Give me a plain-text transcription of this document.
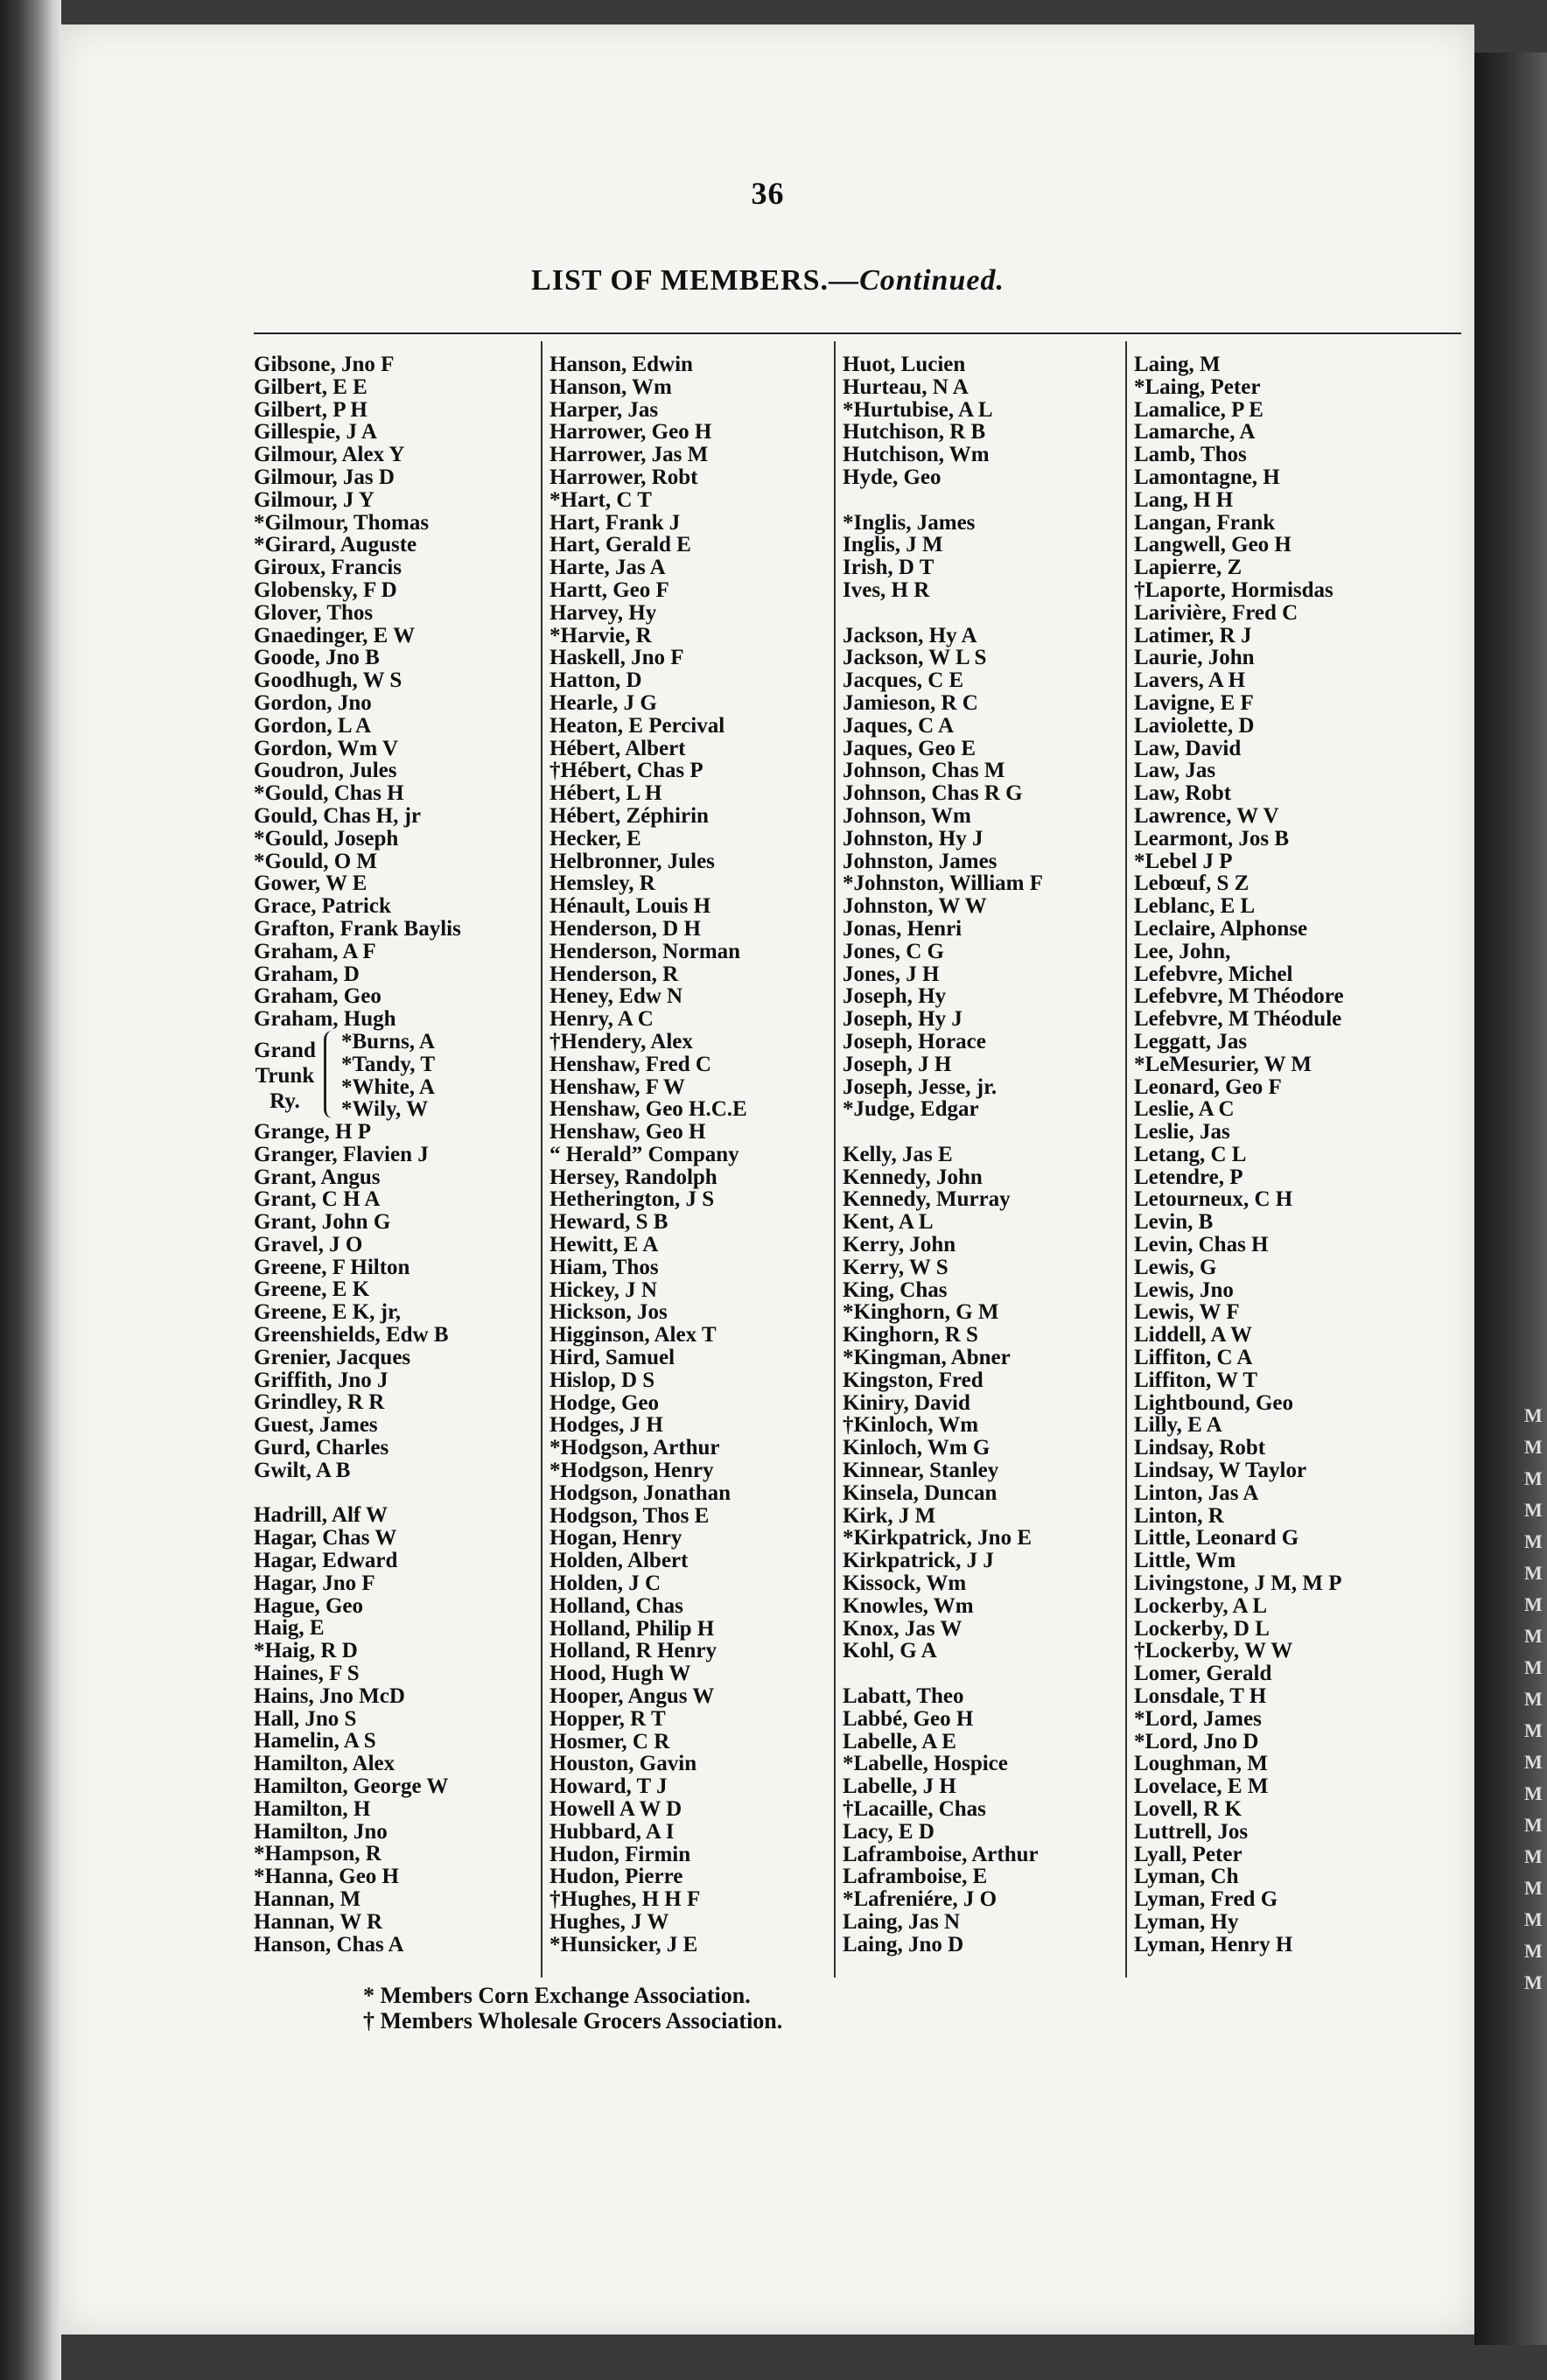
M
M
M
M
M
M
M
M
M
M
M
M
M
M
M
M
M
M
M
36
LIST OF MEMBERS.—Continued.
Gibsone, Jno F
Gilbert, E E
Gilbert, P H
Gillespie, J A
Gilmour, Alex Y
Gilmour, Jas D
Gilmour, J Y
*Gilmour, Thomas
*Girard, Auguste
Giroux, Francis
Globensky, F D
Glover, Thos
Gnaedinger, E W
Goode, Jno B
Goodhugh, W S
Gordon, Jno
Gordon, L A
Gordon, Wm V
Goudron, Jules
*Gould, Chas H
Gould, Chas H, jr
*Gould, Joseph
*Gould, O M
Gower, W E
Grace, Patrick
Grafton, Frank Baylis
Graham, A F
Graham, D
Graham, Geo
Graham, Hugh
Grand
Trunk
Ry.
*Burns, A
*Tandy, T
*White, A
*Wily, W
Grange, H P
Granger, Flavien J
Grant, Angus
Grant, C H A
Grant, John G
Gravel, J O
Greene, F Hilton
Greene, E K
Greene, E K, jr,
Greenshields, Edw B
Grenier, Jacques
Griffith, Jno J
Grindley, R R
Guest, James
Gurd, Charles
Gwilt, A B
Hadrill, Alf W
Hagar, Chas W
Hagar, Edward
Hagar, Jno F
Hague, Geo
Haig, E
*Haig, R D
Haines, F S
Hains, Jno McD
Hall, Jno S
Hamelin, A S
Hamilton, Alex
Hamilton, George W
Hamilton, H
Hamilton, Jno
*Hampson, R
*Hanna, Geo H
Hannan, M
Hannan, W R
Hanson, Chas A
Hanson, Edwin
Hanson, Wm
Harper, Jas
Harrower, Geo H
Harrower, Jas M
Harrower, Robt
*Hart, C T
Hart, Frank J
Hart, Gerald E
Harte, Jas A
Hartt, Geo F
Harvey, Hy
*Harvie, R
Haskell, Jno F
Hatton, D
Hearle, J G
Heaton, E Percival
Hébert, Albert
†Hébert, Chas P
Hébert, L H
Hébert, Zéphirin
Hecker, E
Helbronner, Jules
Hemsley, R
Hénault, Louis H
Henderson, D H
Henderson, Norman
Henderson, R
Heney, Edw N
Henry, A C
†Hendery, Alex
Henshaw, Fred C
Henshaw, F W
Henshaw, Geo H.C.E
Henshaw, Geo H
“ Herald” Company
Hersey, Randolph
Hetherington, J S
Heward, S B
Hewitt, E A
Hiam, Thos
Hickey, J N
Hickson, Jos
Higginson, Alex T
Hird, Samuel
Hislop, D S
Hodge, Geo
Hodges, J H
*Hodgson, Arthur
*Hodgson, Henry
Hodgson, Jonathan
Hodgson, Thos E
Hogan, Henry
Holden, Albert
Holden, J C
Holland, Chas
Holland, Philip H
Holland, R Henry
Hood, Hugh W
Hooper, Angus W
Hopper, R T
Hosmer, C R
Houston, Gavin
Howard, T J
Howell A W D
Hubbard, A I
Hudon, Firmin
Hudon, Pierre
†Hughes, H H F
Hughes, J W
*Hunsicker, J E
Huot, Lucien
Hurteau, N A
*Hurtubise, A L
Hutchison, R B
Hutchison, Wm
Hyde, Geo
*Inglis, James
Inglis, J M
Irish, D T
Ives, H R
Jackson, Hy A
Jackson, W L S
Jacques, C E
Jamieson, R C
Jaques, C A
Jaques, Geo E
Johnson, Chas M
Johnson, Chas R G
Johnson, Wm
Johnston, Hy J
Johnston, James
*Johnston, William F
Johnston, W W
Jonas, Henri
Jones, C G
Jones, J H
Joseph, Hy
Joseph, Hy J
Joseph, Horace
Joseph, J H
Joseph, Jesse, jr.
*Judge, Edgar
Kelly, Jas E
Kennedy, John
Kennedy, Murray
Kent, A L
Kerry, John
Kerry, W S
King, Chas
*Kinghorn, G M
Kinghorn, R S
*Kingman, Abner
Kingston, Fred
Kiniry, David
†Kinloch, Wm
Kinloch, Wm G
Kinnear, Stanley
Kinsela, Duncan
Kirk, J M
*Kirkpatrick, Jno E
Kirkpatrick, J J
Kissock, Wm
Knowles, Wm
Knox, Jas W
Kohl, G A
Labatt, Theo
Labbé, Geo H
Labelle, A E
*Labelle, Hospice
Labelle, J H
†Lacaille, Chas
Lacy, E D
Laframboise, Arthur
Laframboise, E
*Lafreniére, J O
Laing, Jas N
Laing, Jno D
Laing, M
*Laing, Peter
Lamalice, P E
Lamarche, A
Lamb, Thos
Lamontagne, H
Lang, H H
Langan, Frank
Langwell, Geo H
Lapierre, Z
†Laporte, Hormisdas
Larivière, Fred C
Latimer, R J
Laurie, John
Lavers, A H
Lavigne, E F
Laviolette, D
Law, David
Law, Jas
Law, Robt
Lawrence, W V
Learmont, Jos B
*Lebel J P
Lebœuf, S Z
Leblanc, E L
Leclaire, Alphonse
Lee, John,
Lefebvre, Michel
Lefebvre, M Théodore
Lefebvre, M Théodule
Leggatt, Jas
*LeMesurier, W M
Leonard, Geo F
Leslie, A C
Leslie, Jas
Letang, C L
Letendre, P
Letourneux, C H
Levin, B
Levin, Chas H
Lewis, G
Lewis, Jno
Lewis, W F
Liddell, A W
Liffiton, C A
Liffiton, W T
Lightbound, Geo
Lilly, E A
Lindsay, Robt
Lindsay, W Taylor
Linton, Jas A
Linton, R
Little, Leonard G
Little, Wm
Livingstone, J M, M P
Lockerby, A L
Lockerby, D L
†Lockerby, W W
Lomer, Gerald
Lonsdale, T H
*Lord, James
*Lord, Jno D
Loughman, M
Lovelace, E M
Lovell, R K
Luttrell, Jos
Lyall, Peter
Lyman, Ch
Lyman, Fred G
Lyman, Hy
Lyman, Henry H
* Members Corn Exchange Association.
† Members Wholesale Grocers Association.
